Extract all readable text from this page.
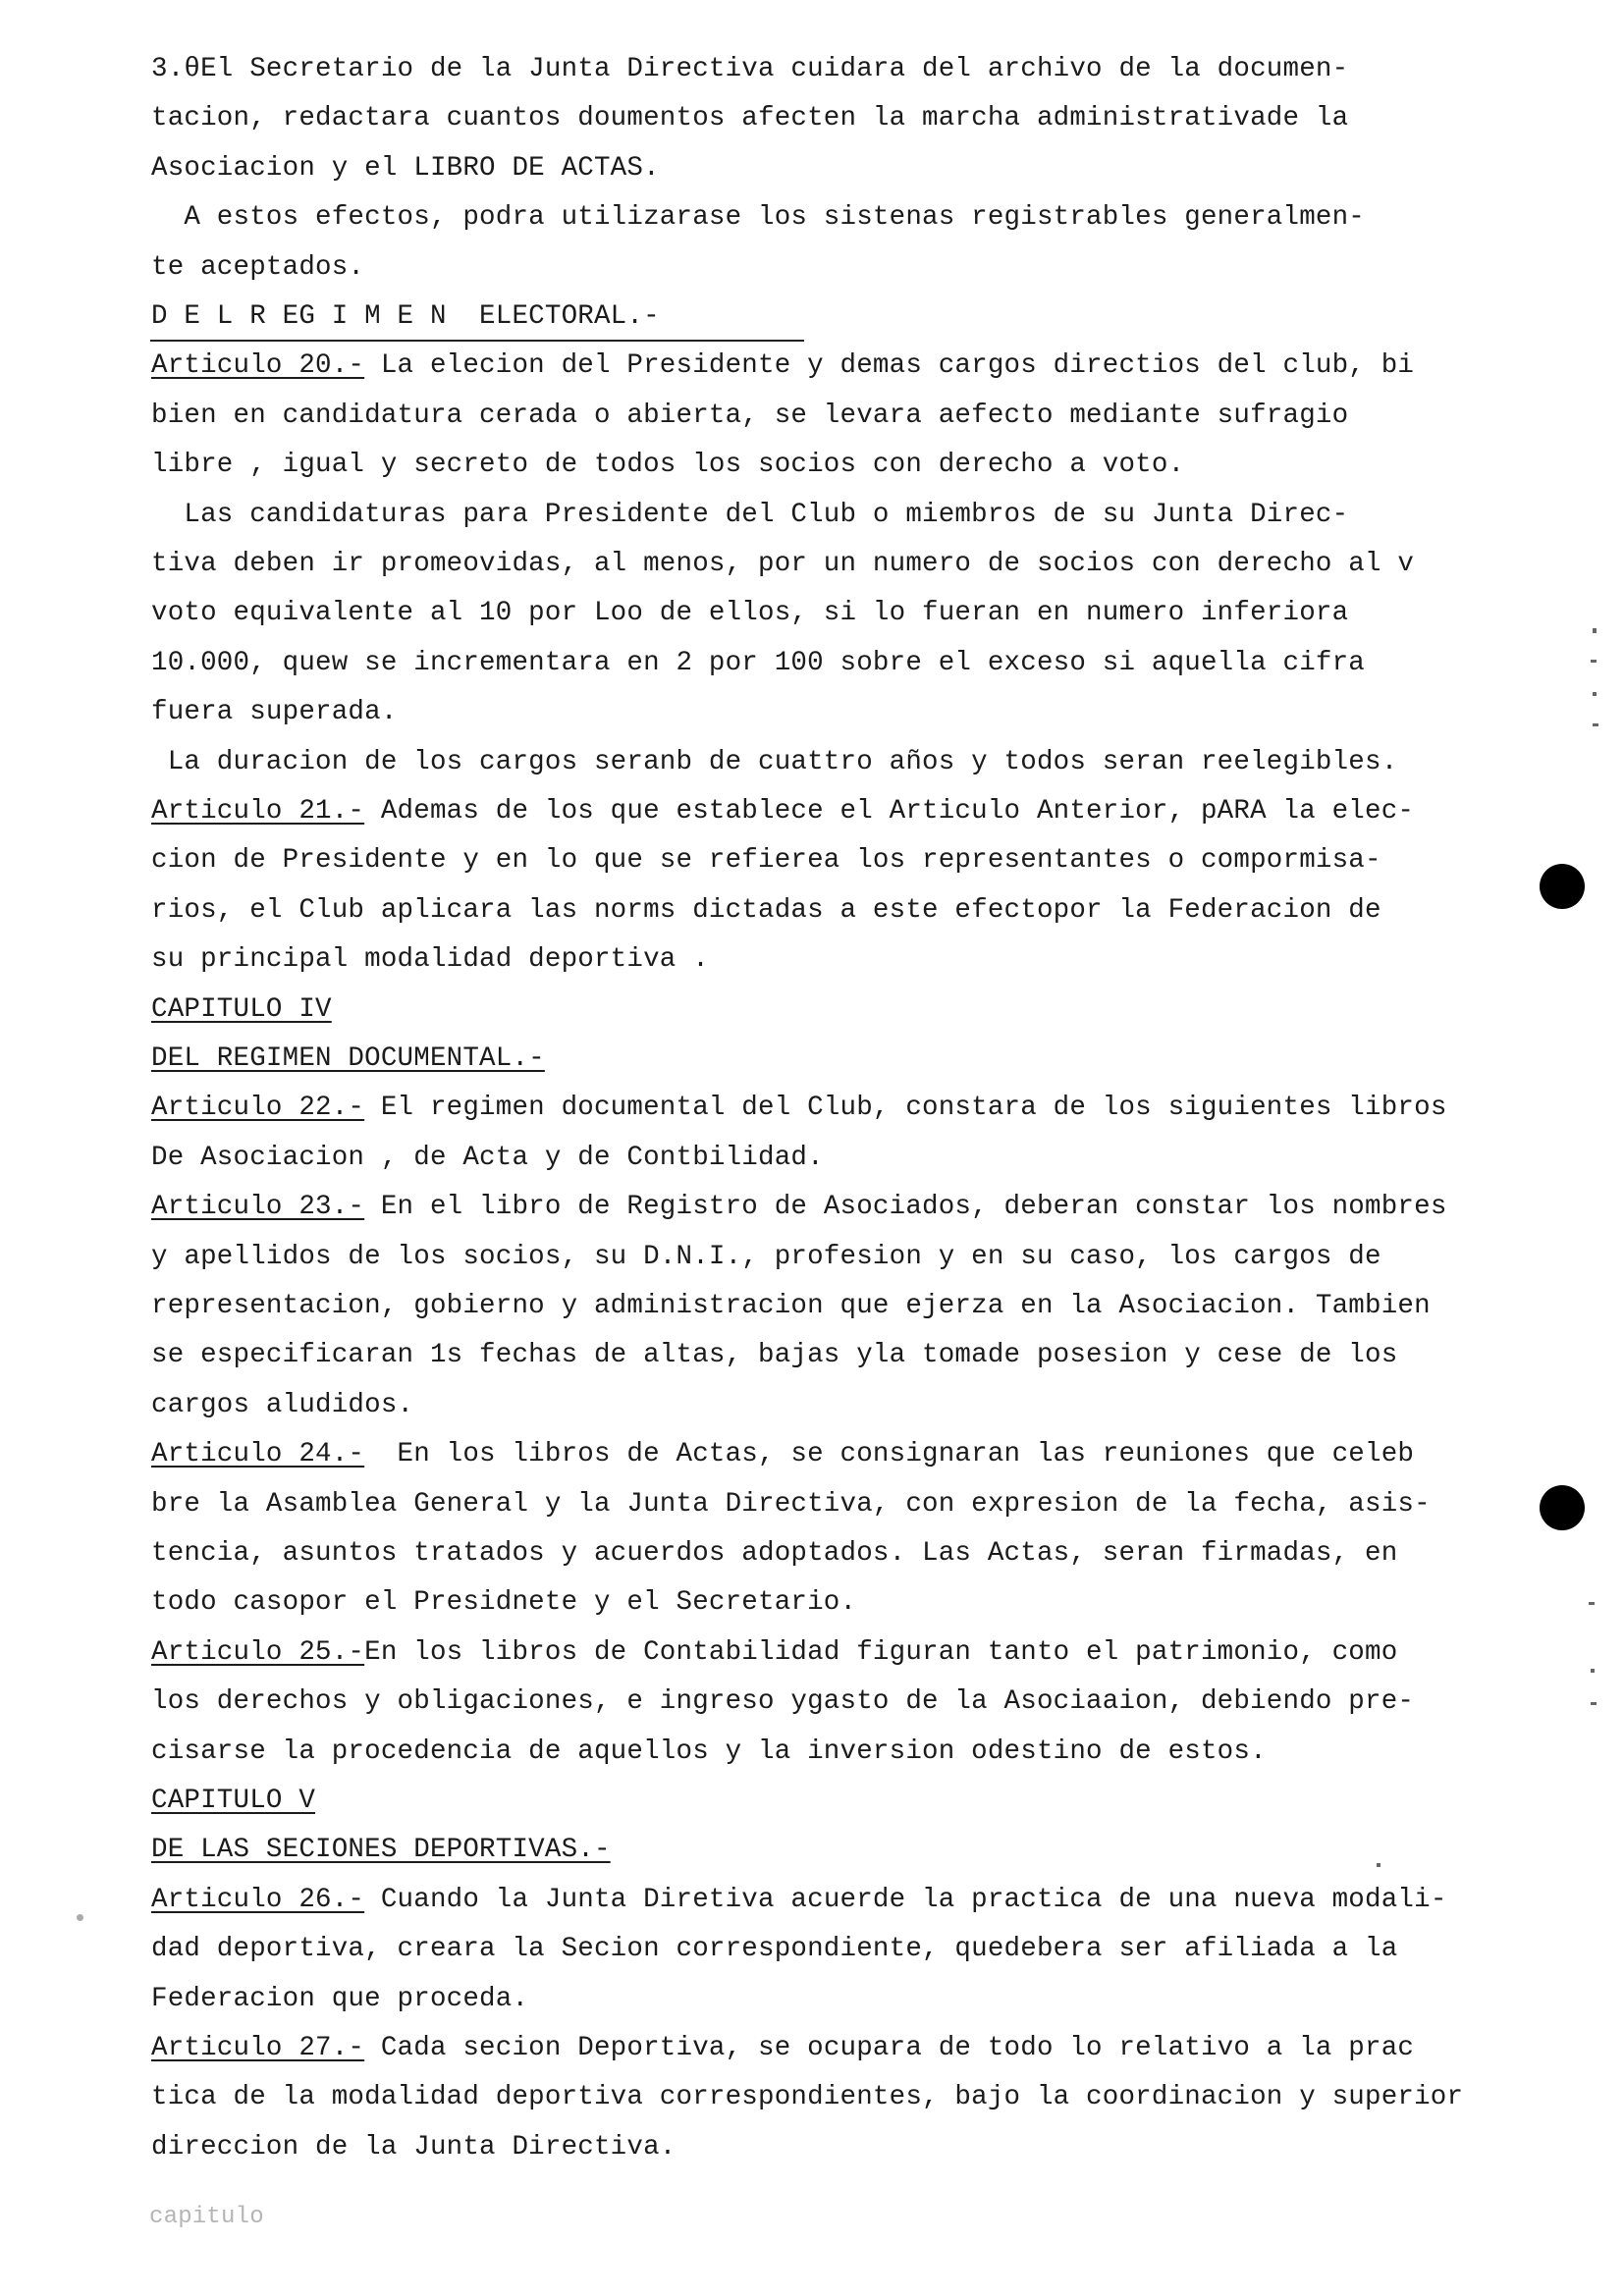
3.θEl Secretario de la Junta Directiva cuidara del archivo de la documen-
tacion, redactara cuantos doumentos afecten la marcha administrativade la
Asociacion y el LIBRO DE ACTAS.
A estos efectos, podra utilizarase los sistenas registrables generalmen-
te aceptados.
D E L R EG I M E N  ELECTORAL.-
Articulo 20.- La elecion del Presidente y demas cargos directios del club, bi
bien en candidatura cerada o abierta, se levara aefecto mediante sufragio
libre , igual y secreto de todos los socios con derecho a voto.
Las candidaturas para Presidente del Club o miembros de su Junta Direc-
tiva deben ir promeovidas, al menos, por un numero de socios con derecho al v
voto equivalente al 10 por Loo de ellos, si lo fueran en numero inferiora
10.000, quew se incrementara en 2 por 100 sobre el exceso si aquella cifra
fuera superada.
La duracion de los cargos seranb de cuattro años y todos seran reelegibles.
Articulo 21.- Ademas de los que establece el Articulo Anterior, pARA la elec-
cion de Presidente y en lo que se refierea los representantes o compormisa-
rios, el Club aplicara las norms dictadas a este efectopor la Federacion de
su principal modalidad deportiva .
CAPITULO IV
DEL REGIMEN DOCUMENTAL.-
Articulo 22.- El regimen documental del Club, constara de los siguientes libros
De Asociacion , de Acta y de Contbilidad.
Articulo 23.- En el libro de Registro de Asociados, deberan constar los nombres
y apellidos de los socios, su D.N.I., profesion y en su caso, los cargos de
representacion, gobierno y administracion que ejerza en la Asociacion. Tambien
se especificaran 1s fechas de altas, bajas yla tomade posesion y cese de los
cargos aludidos.
Articulo 24.-  En los libros de Actas, se consignaran las reuniones que celeb
bre la Asamblea General y la Junta Directiva, con expresion de la fecha, asis-
tencia, asuntos tratados y acuerdos adoptados. Las Actas, seran firmadas, en
todo casopor el Presidnete y el Secretario.
Articulo 25.-En los libros de Contabilidad figuran tanto el patrimonio, como
los derechos y obligaciones, e ingreso ygasto de la Asociaaion, debiendo pre-
cisarse la procedencia de aquellos y la inversion odestino de estos.
CAPITULO V
DE LAS SECIONES DEPORTIVAS.-
Articulo 26.- Cuando la Junta Diretiva acuerde la practica de una nueva modali-
dad deportiva, creara la Secion correspondiente, quedebera ser afiliada a la
Federacion que proceda.
Articulo 27.- Cada secion Deportiva, se ocupara de todo lo relativo a la prac
tica de la modalidad deportiva correspondientes, bajo la coordinacion y superior
direccion de la Junta Directiva.
capitulo
